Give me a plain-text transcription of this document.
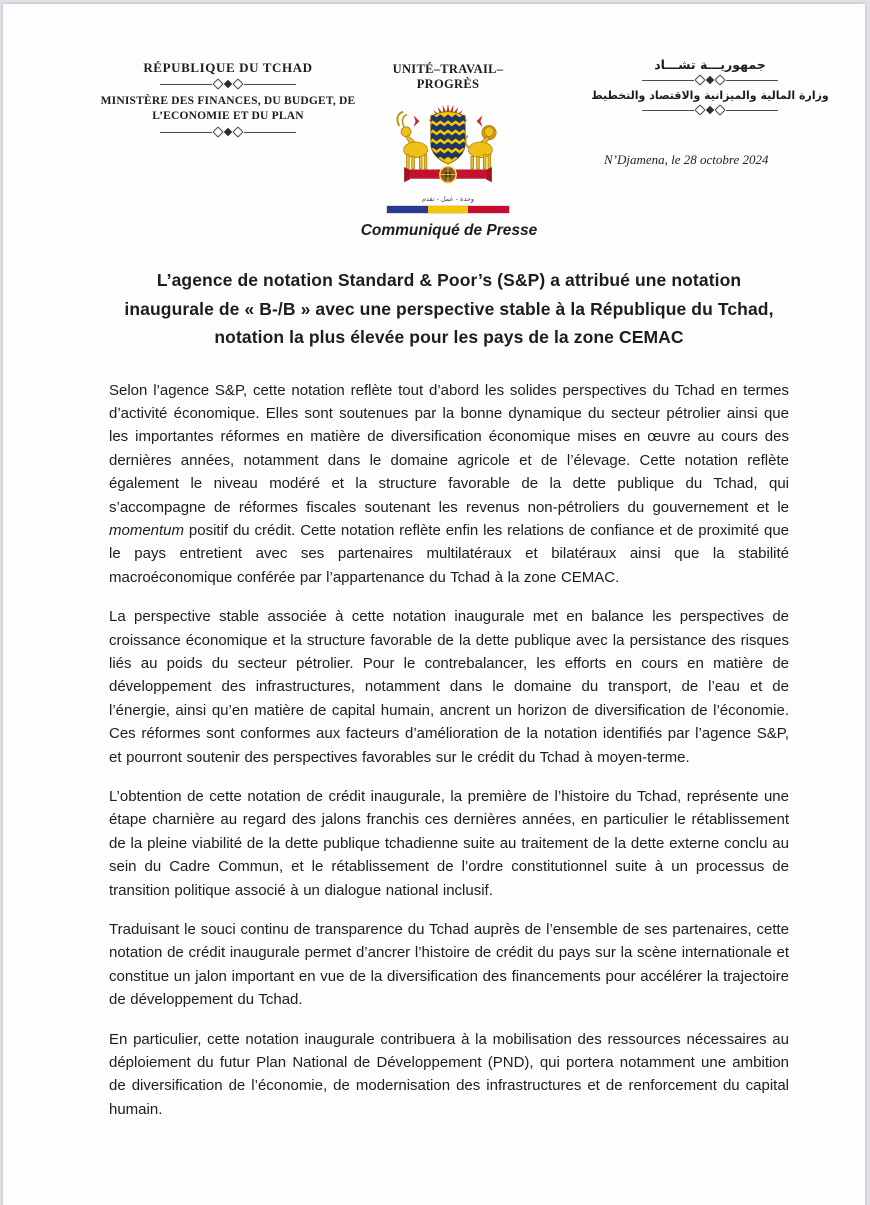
RÉPUBLIQUE DU TCHAD
MINISTÈRE DES FINANCES, DU BUDGET, DE L’ECONOMIE ET DU PLAN
UNITÉ–TRAVAIL–PROGRÈS
وحدة - عمل - تقدم
جمهوريـــة تشـــاد
وزارة المالية والميزانية والاقتصاد والتخطيط
N’Djamena, le 28 octobre 2024
Communiqué de Presse
L’agence de notation Standard & Poor’s (S&P) a attribué une notation
inaugurale de « B-/B » avec une perspective stable à la République du Tchad,
notation la plus élevée pour les pays de la zone CEMAC

Selon l’agence S&P, cette notation reflète tout d’abord les solides perspectives du Tchad en termes d’activité économique. Elles sont soutenues par la bonne dynamique du secteur pétrolier ainsi que les importantes réformes en matière de diversification économique mises en œuvre au cours des dernières années, notamment dans le domaine agricole et de l’élevage. Cette notation reflète également le niveau modéré et la structure favorable de la dette publique du Tchad, qui s’accompagne de réformes fiscales soutenant les revenus non-pétroliers du gouvernement et le momentum positif du crédit. Cette notation reflète enfin les relations de confiance et de proximité que le pays entretient avec ses partenaires multilatéraux et bilatéraux ainsi que la stabilité macroéconomique conférée par l’appartenance du Tchad à la zone CEMAC.

La perspective stable associée à cette notation inaugurale met en balance les perspectives de croissance économique et la structure favorable de la dette publique avec la persistance des risques liés au poids du secteur pétrolier. Pour le contrebalancer, les efforts en cours en matière de développement des infrastructures, notamment dans le domaine du transport, de l’eau et de l’énergie, ainsi qu’en matière de capital humain, ancrent un horizon de diversification de l’économie. Ces réformes sont conformes aux facteurs d’amélioration de la notation identifiés par l’agence S&P, et pourront soutenir des perspectives favorables sur le crédit du Tchad à moyen-terme.

L’obtention de cette notation de crédit inaugurale, la première de l’histoire du Tchad, représente une étape charnière au regard des jalons franchis ces dernières années, en particulier le rétablissement de la pleine viabilité de la dette publique tchadienne suite au traitement de la dette externe conclu au sein du Cadre Commun, et le rétablissement de l’ordre constitutionnel suite à un processus de transition politique associé à un dialogue national inclusif.

Traduisant le souci continu de transparence du Tchad auprès de l’ensemble de ses partenaires, cette notation de crédit inaugurale permet d’ancrer l’histoire de crédit du pays sur la scène internationale et constitue un jalon important en vue de la diversification des financements pour accélérer la trajectoire de développement du Tchad.

En particulier, cette notation inaugurale contribuera à la mobilisation des ressources nécessaires au déploiement du futur Plan National de Développement (PND), qui portera notamment une ambition de diversification de l’économie, de modernisation des infrastructures et de renforcement du capital humain.
